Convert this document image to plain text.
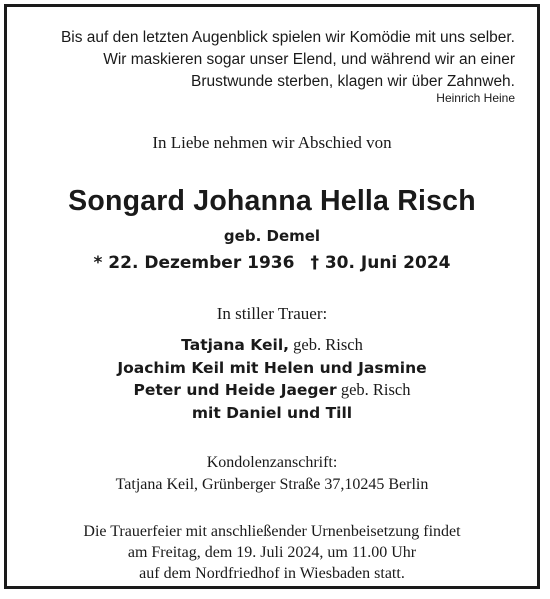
Bis auf den letzten Augenblick spielen wir Komödie mit uns selber.
Wir maskieren sogar unser Elend, und während wir an einer
Brustwunde sterben, klagen wir über Zahnweh.
Heinrich Heine
In Liebe nehmen wir Abschied von
Songard Johanna Hella Risch
geb. Demel
* 22. Dezember 1936 † 30. Juni 2024
In stiller Trauer:
Tatjana Keil, geb. Risch
Joachim Keil mit Helen und Jasmine
Peter und Heide Jaeger geb. Risch
mit Daniel und Till
Kondolenzanschrift:
Tatjana Keil, Grünberger Straße 37,10245 Berlin
Die Trauerfeier mit anschließender Urnenbeisetzung findet
am Freitag, dem 19. Juli 2024, um 11.00 Uhr
auf dem Nordfriedhof in Wiesbaden statt.
